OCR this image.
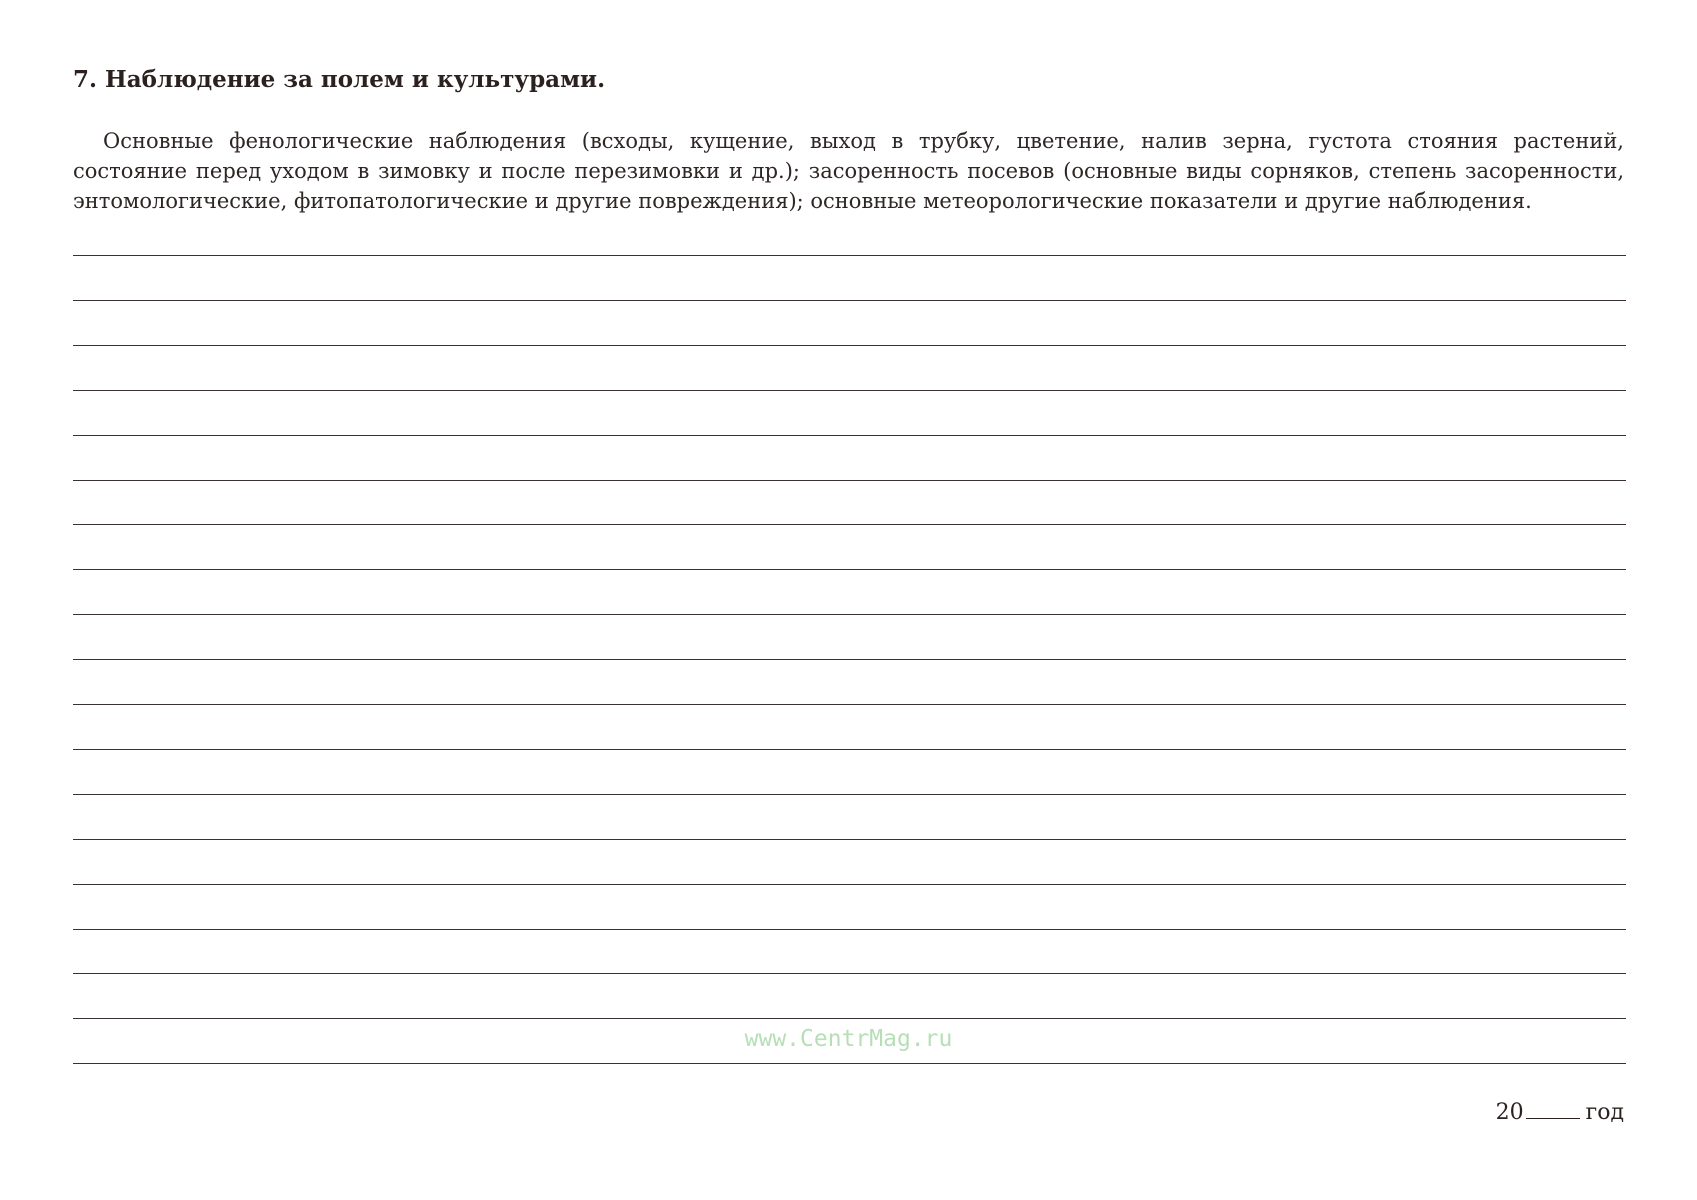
7. Наблюдение за полем и культурами.
Основные фенологические наблюдения (всходы, кущение, выход в трубку, цветение, налив зерна, густота стояния растений, состояние перед уходом в зимовку и после перезимовки и др.); засоренность посевов (основные виды сорняков, степень засоренности, энтомологические, фитопатологические и другие повреждения); основные метеорологические показатели и другие наблюдения.
www.CentrMag.ru
20	год
